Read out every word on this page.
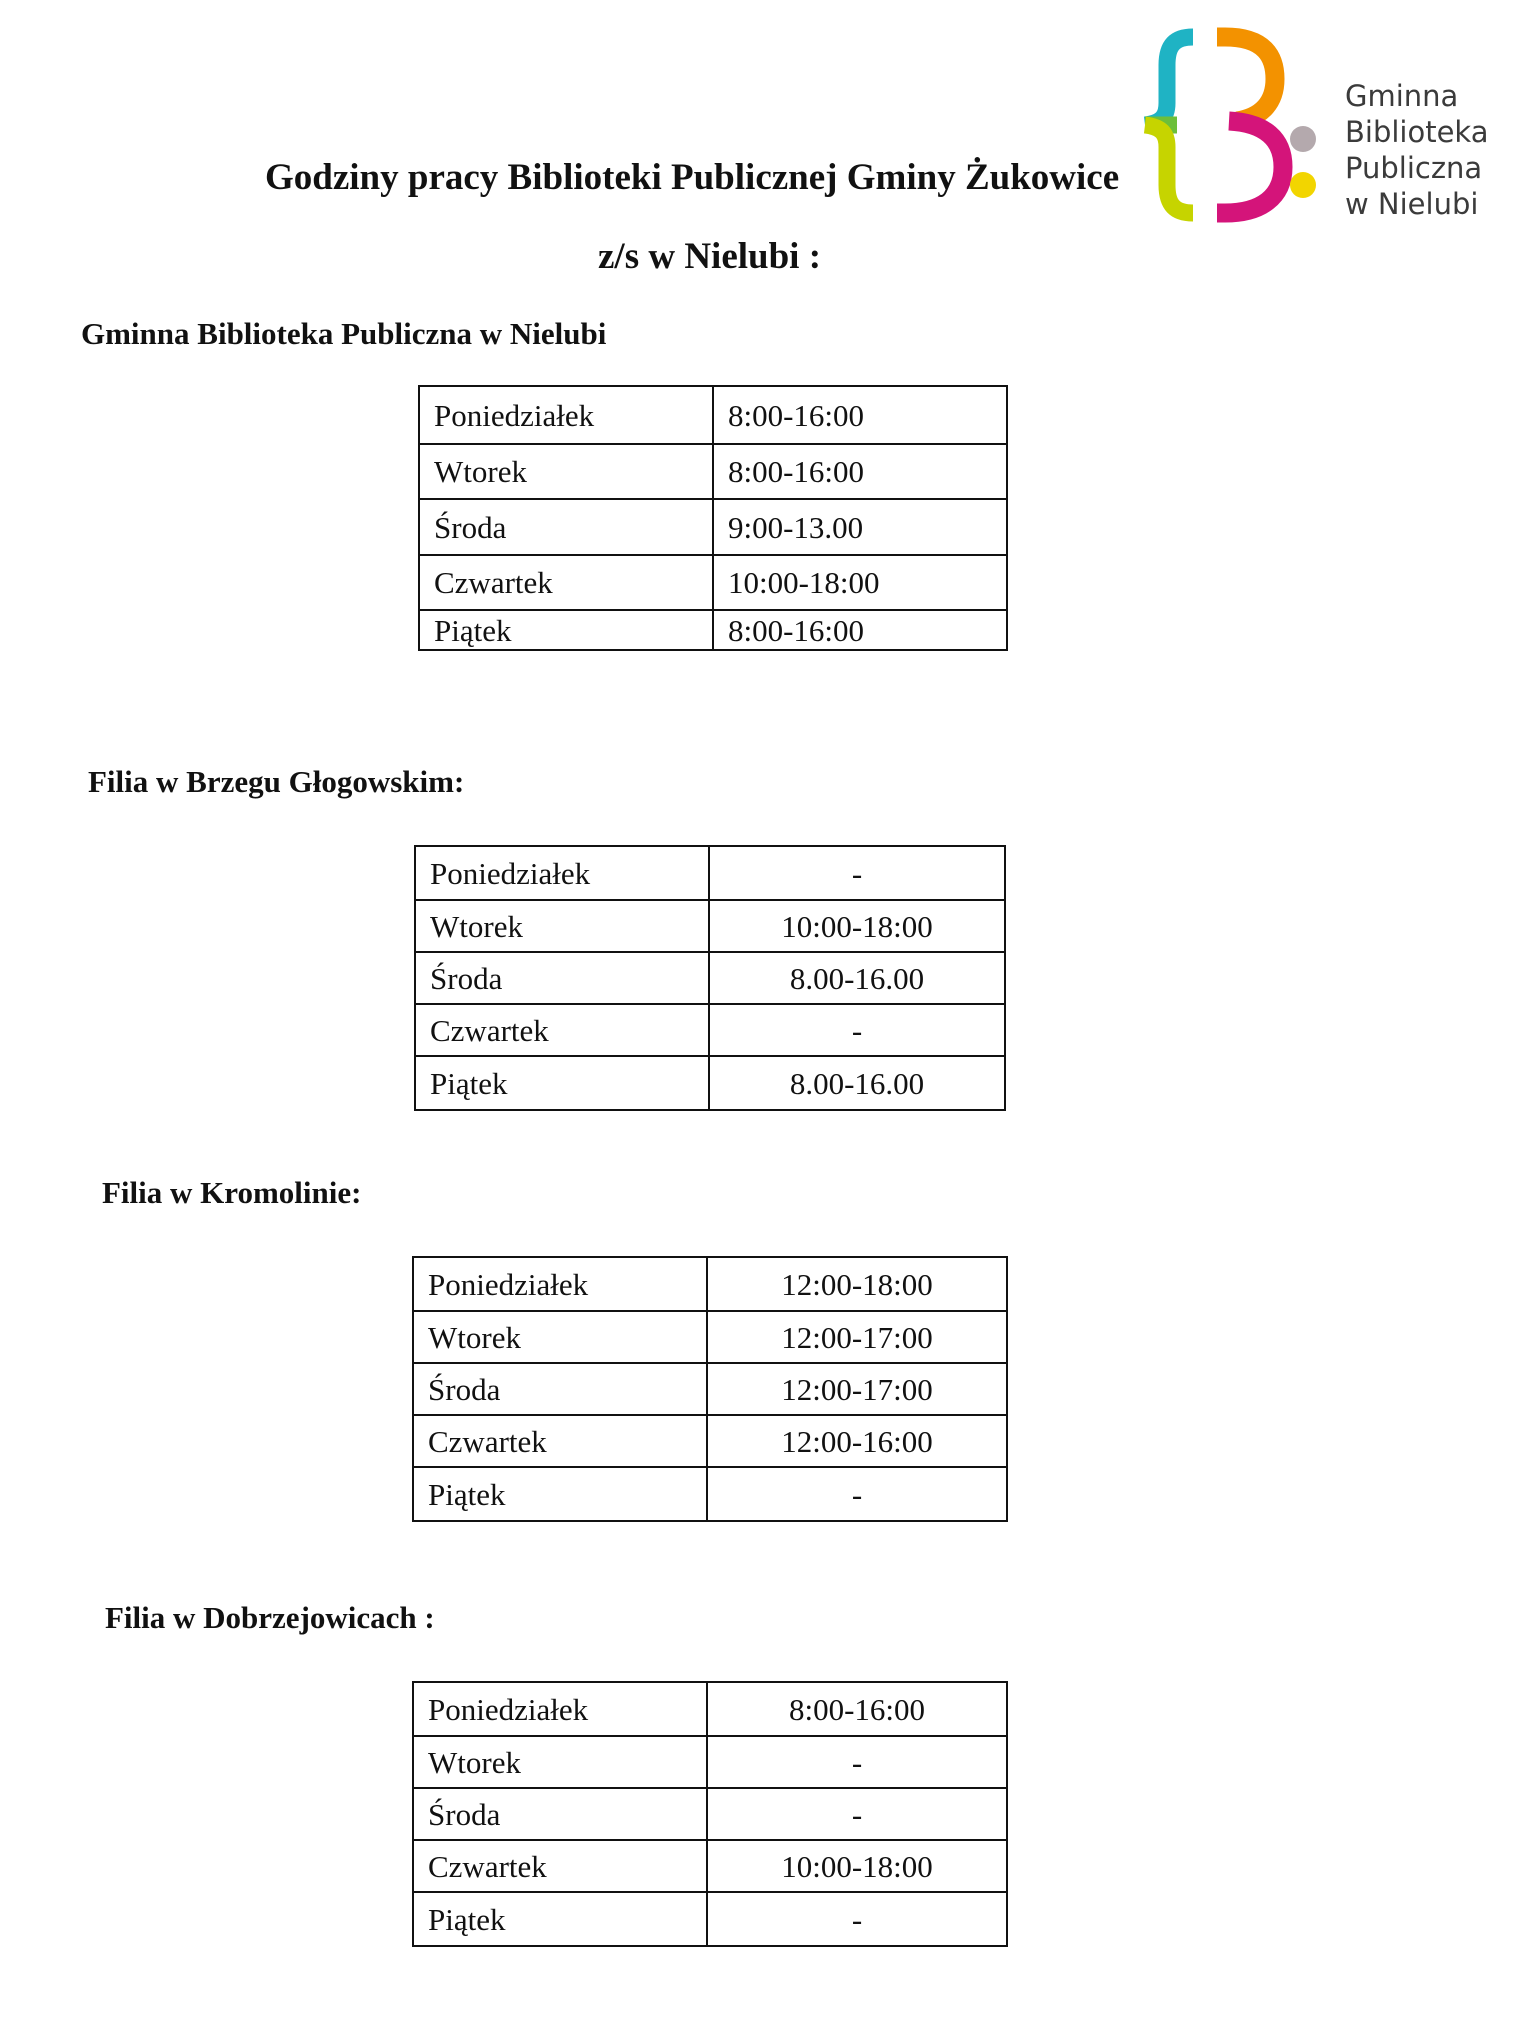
Gminna
Biblioteka
Publiczna
w Nielubi
Godziny pracy Biblioteki Publicznej Gminy Żukowice
z/s w Nielubi :
Gminna Biblioteka Publiczna w Nielubi
Poniedziałek	8:00-16:00
Wtorek	8:00-16:00
Środa	9:00-13.00
Czwartek	10:00-18:00
Piątek	8:00-16:00
Filia w Brzegu Głogowskim:
Poniedziałek	-
Wtorek	10:00-18:00
Środa	8.00-16.00
Czwartek	-
Piątek	8.00-16.00
Filia w Kromolinie:
Poniedziałek	12:00-18:00
Wtorek	12:00-17:00
Środa	12:00-17:00
Czwartek	12:00-16:00
Piątek	-
Filia w Dobrzejowicach :
Poniedziałek	8:00-16:00
Wtorek	-
Środa	-
Czwartek	10:00-18:00
Piątek	-
